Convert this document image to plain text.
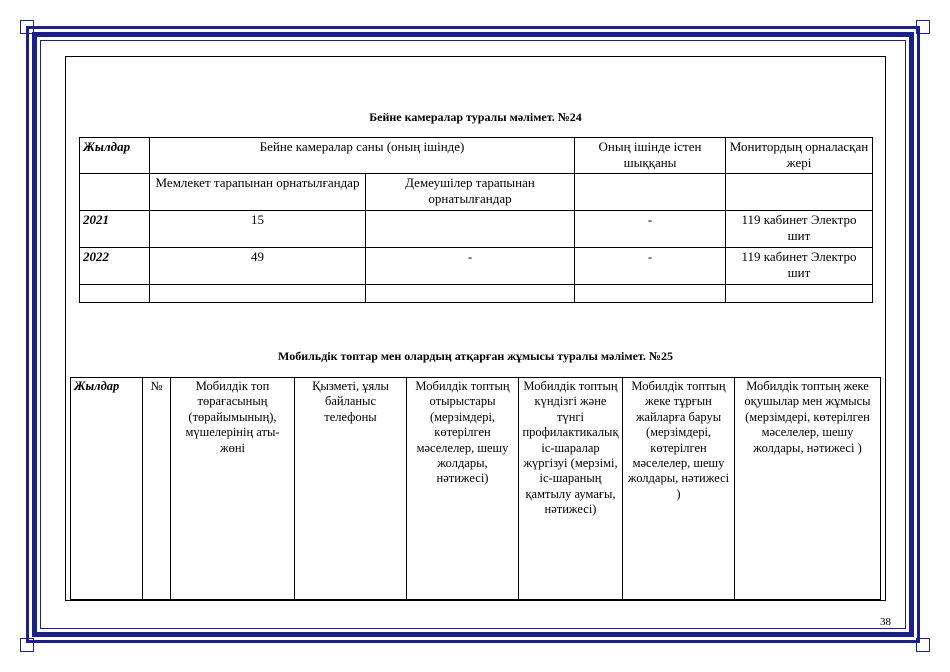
Бейне камералар туралы мәлімет. №24
Жылдар	Бейне камералар саны (оның ішінде)		Оның ішінде істен шыққаны	Монитордың орналасқан жері
	Мемлекет тарапынан орнатылғандар	Демеушілер тарапынан орнатылғандар		
2021	15		-	119 кабинет Электро шит
2022	49	-	-	119 кабинет Электро шит

Мобильдік топтар мен олардың атқарған жұмысы туралы мәлімет. №25
Жылдар	№	Мобилдік топ төрағасының (төрайымының), мүшелерінің аты-жөні	Қызметі, ұялы байланыс телефоны	Мобилдік топтың отырыстары (мерзімдері, көтерілген мәселелер, шешу жолдары, нәтижесі)	Мобилдік топтың күндізгі және түнгі профилактикалық іс-шаралар жүргізуі (мерзімі, іс-шараның қамтылу аумағы, нәтижесі)	Мобилдік топтың жеке тұрғын жайларға баруы (мерзімдері, көтерілген мәселелер, шешу жолдары, нәтижесі )	Мобилдік топтың жеке оқушылар мен жұмысы (мерзімдері, көтерілген мәселелер, шешу жолдары, нәтижесі )
38
